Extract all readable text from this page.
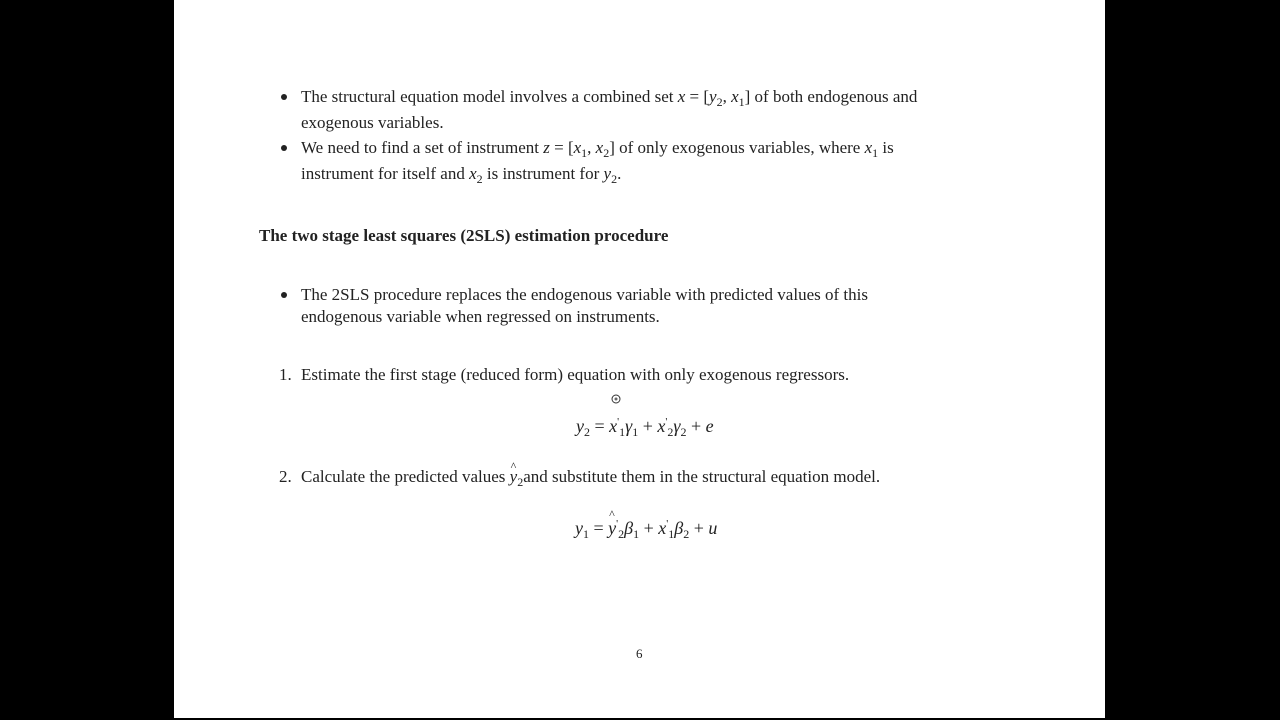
The structural equation model involves a combined set $x = [y_2$, $x_1$] of both endogenous and
exogenous variables.
We need to find a set of instrument $z = [x_1$, $x_2$] of only exogenous variables, where $x_1$ is
instrument for itself and $x_2$ is instrument for $y_2$.
The two stage least squares (2SLS) estimation procedure
The 2SLS procedure replaces the endogenous variable with predicted values of this
endogenous variable when regressed on instruments.
1. Estimate the first stage (reduced form) equation with only exogenous regressors.
$y_2 = x'_1\gamma_1 + x'_2\gamma_2 + e$
2. Calculate the predicted values ^ $y_2and$ substitute them in the structural equation model.
$y_1$ = ^ $y'_2\beta_1 + x'_1\beta_2 + u$
6
